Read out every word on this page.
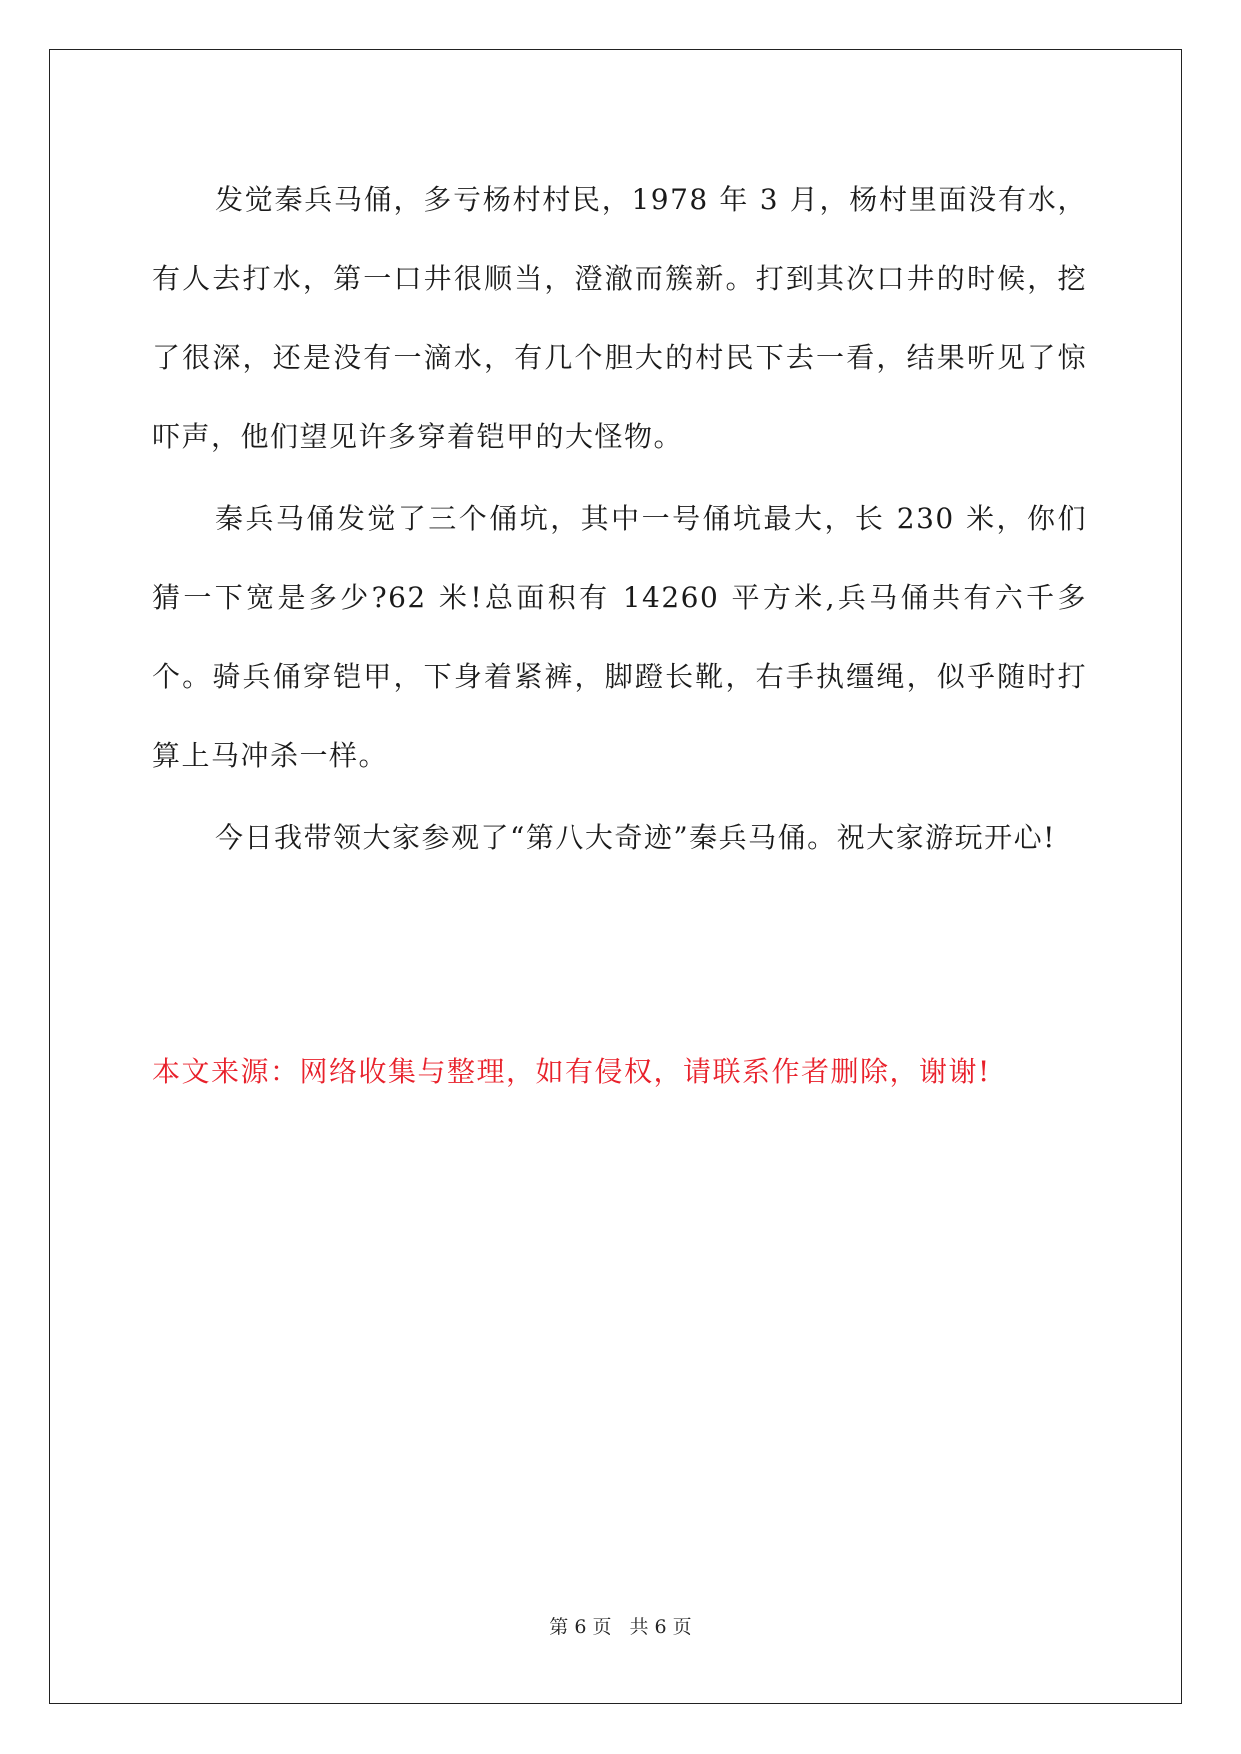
发觉秦兵马俑，多亏杨村村民，1978 年 3 月，杨村里面没有水，有人去打水，第一口井很顺当，澄澈而簇新。打到其次口井的时候，挖了很深，还是没有一滴水，有几个胆大的村民下去一看，结果听见了惊吓声，他们望见许多穿着铠甲的大怪物。

秦兵马俑发觉了三个俑坑，其中一号俑坑最大，长 230 米，你们猜一下宽是多少?62 米!总面积有 14260 平方米,兵马俑共有六千多个。骑兵俑穿铠甲，下身着紧裤，脚蹬长靴，右手执缰绳，似乎随时打算上马冲杀一样。

今日我带领大家参观了“第八大奇迹”秦兵马俑。祝大家游玩开心!

本文来源：网络收集与整理，如有侵权，请联系作者删除，谢谢!

第 6 页 共 6 页
